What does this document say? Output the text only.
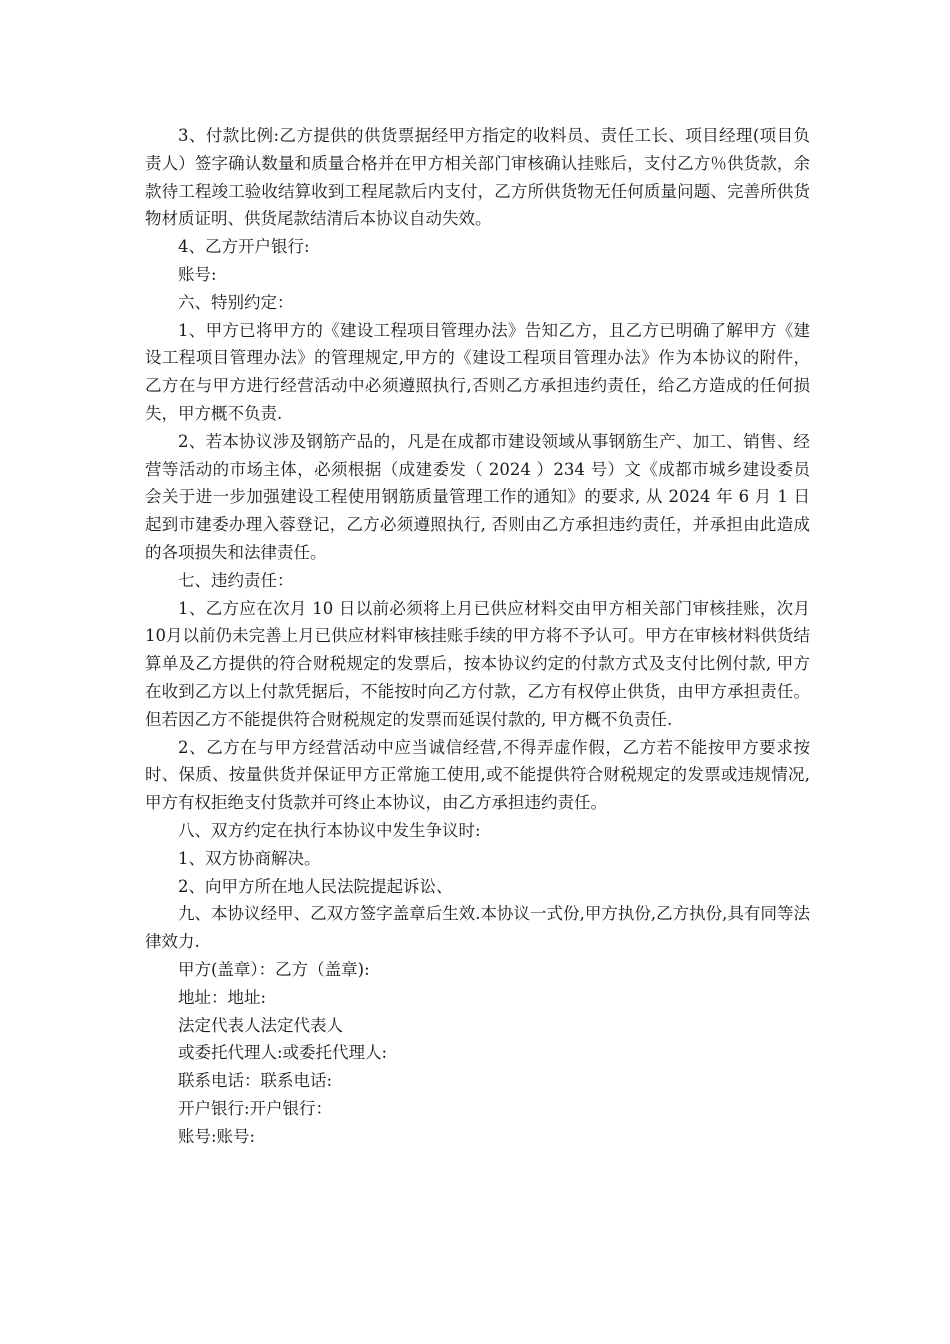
3、付款比例:乙方提供的供货票据经甲方指定的收料员、责任工长、项目经理(项目负责人）签字确认数量和质量合格并在甲方相关部门审核确认挂账后，支付乙方％供货款，余款待工程竣工验收结算收到工程尾款后内支付，乙方所供货物无任何质量问题、完善所供货物材质证明、供货尾款结清后本协议自动失效。

4、乙方开户银行:

账号:

六、特别约定：

1、甲方已将甲方的《建设工程项目管理办法》告知乙方，且乙方已明确了解甲方《建设工程项目管理办法》的管理规定,甲方的《建设工程项目管理办法》作为本协议的附件，乙方在与甲方进行经营活动中必须遵照执行,否则乙方承担违约责任，给乙方造成的任何损失，甲方概不负责.

2、若本协议涉及钢筋产品的，凡是在成都市建设领域从事钢筋生产、加工、销售、经营等活动的市场主体，必须根据（成建委发（ 2024 ）234 号）文《成都市城乡建设委员会关于进一步加强建设工程使用钢筋质量管理工作的通知》的要求, 从 2024 年 6 月 1 日起到市建委办理入蓉登记，乙方必须遵照执行, 否则由乙方承担违约责任，并承担由此造成的各项损失和法律责任。

七、违约责任：

1、乙方应在次月 10 日以前必须将上月已供应材料交由甲方相关部门审核挂账，次月 10月以前仍未完善上月已供应材料审核挂账手续的甲方将不予认可。甲方在审核材料供货结算单及乙方提供的符合财税规定的发票后，按本协议约定的付款方式及支付比例付款, 甲方在收到乙方以上付款凭据后，不能按时向乙方付款，乙方有权停止供货，由甲方承担责任。但若因乙方不能提供符合财税规定的发票而延误付款的, 甲方概不负责任.

2、乙方在与甲方经营活动中应当诚信经营,不得弄虚作假，乙方若不能按甲方要求按时、保质、按量供货并保证甲方正常施工使用,或不能提供符合财税规定的发票或违规情况,甲方有权拒绝支付货款并可终止本协议，由乙方承担违约责任。

八、双方约定在执行本协议中发生争议时:

1、双方协商解决。

2、向甲方所在地人民法院提起诉讼、

九、本协议经甲、乙双方签字盖章后生效.本协议一式份,甲方执份,乙方执份,具有同等法律效力.

甲方(盖章）：乙方（盖章):

地址：地址:

法定代表人法定代表人

或委托代理人:或委托代理人:

联系电话：联系电话:

开户银行:开户银行：

账号:账号:
